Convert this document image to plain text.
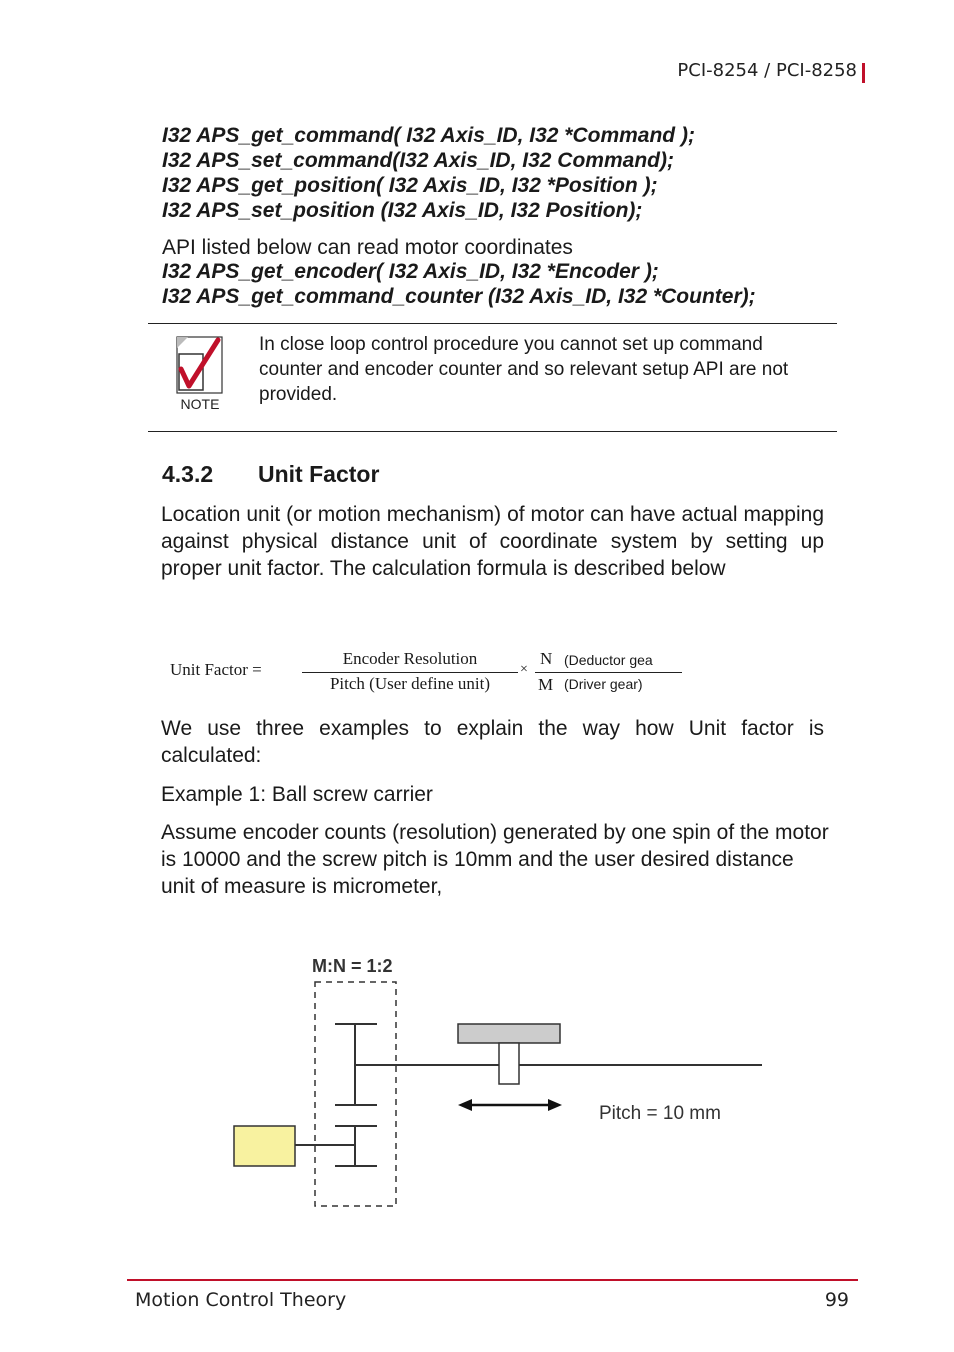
PCI-8254 / PCI-8258
I32 APS_get_command( I32 Axis_ID, I32 *Command );
I32 APS_set_command(I32 Axis_ID, I32 Command);
I32 APS_get_position( I32 Axis_ID, I32 *Position );
I32 APS_set_position (I32 Axis_ID, I32 Position);
API listed below can read motor coordinates
I32 APS_get_encoder( I32 Axis_ID, I32 *Encoder );
I32 APS_get_command_counter (I32 Axis_ID, I32 *Counter);
NOTE
In close loop control procedure you cannot set up command counter and encoder counter and so relevant setup API are not provided.
4.3.2 Unit Factor
Location unit (or motion mechanism) of motor can have actual mapping against physical distance unit of coordinate system by setting up proper unit factor. The calculation formula is described below
Unit Factor =
Encoder Resolution
Pitch (User define unit)
×
N (Deductor gea
M (Driver gear)
We use three examples to explain the way how Unit factor is calculated:
Example 1: Ball screw carrier
Assume encoder counts (resolution) generated by one spin of the motor is 10000 and the screw pitch is 10mm and the user desired distance unit of measure is micrometer,
M:N = 1:2
Pitch = 10 mm
Motion Control Theory	99
